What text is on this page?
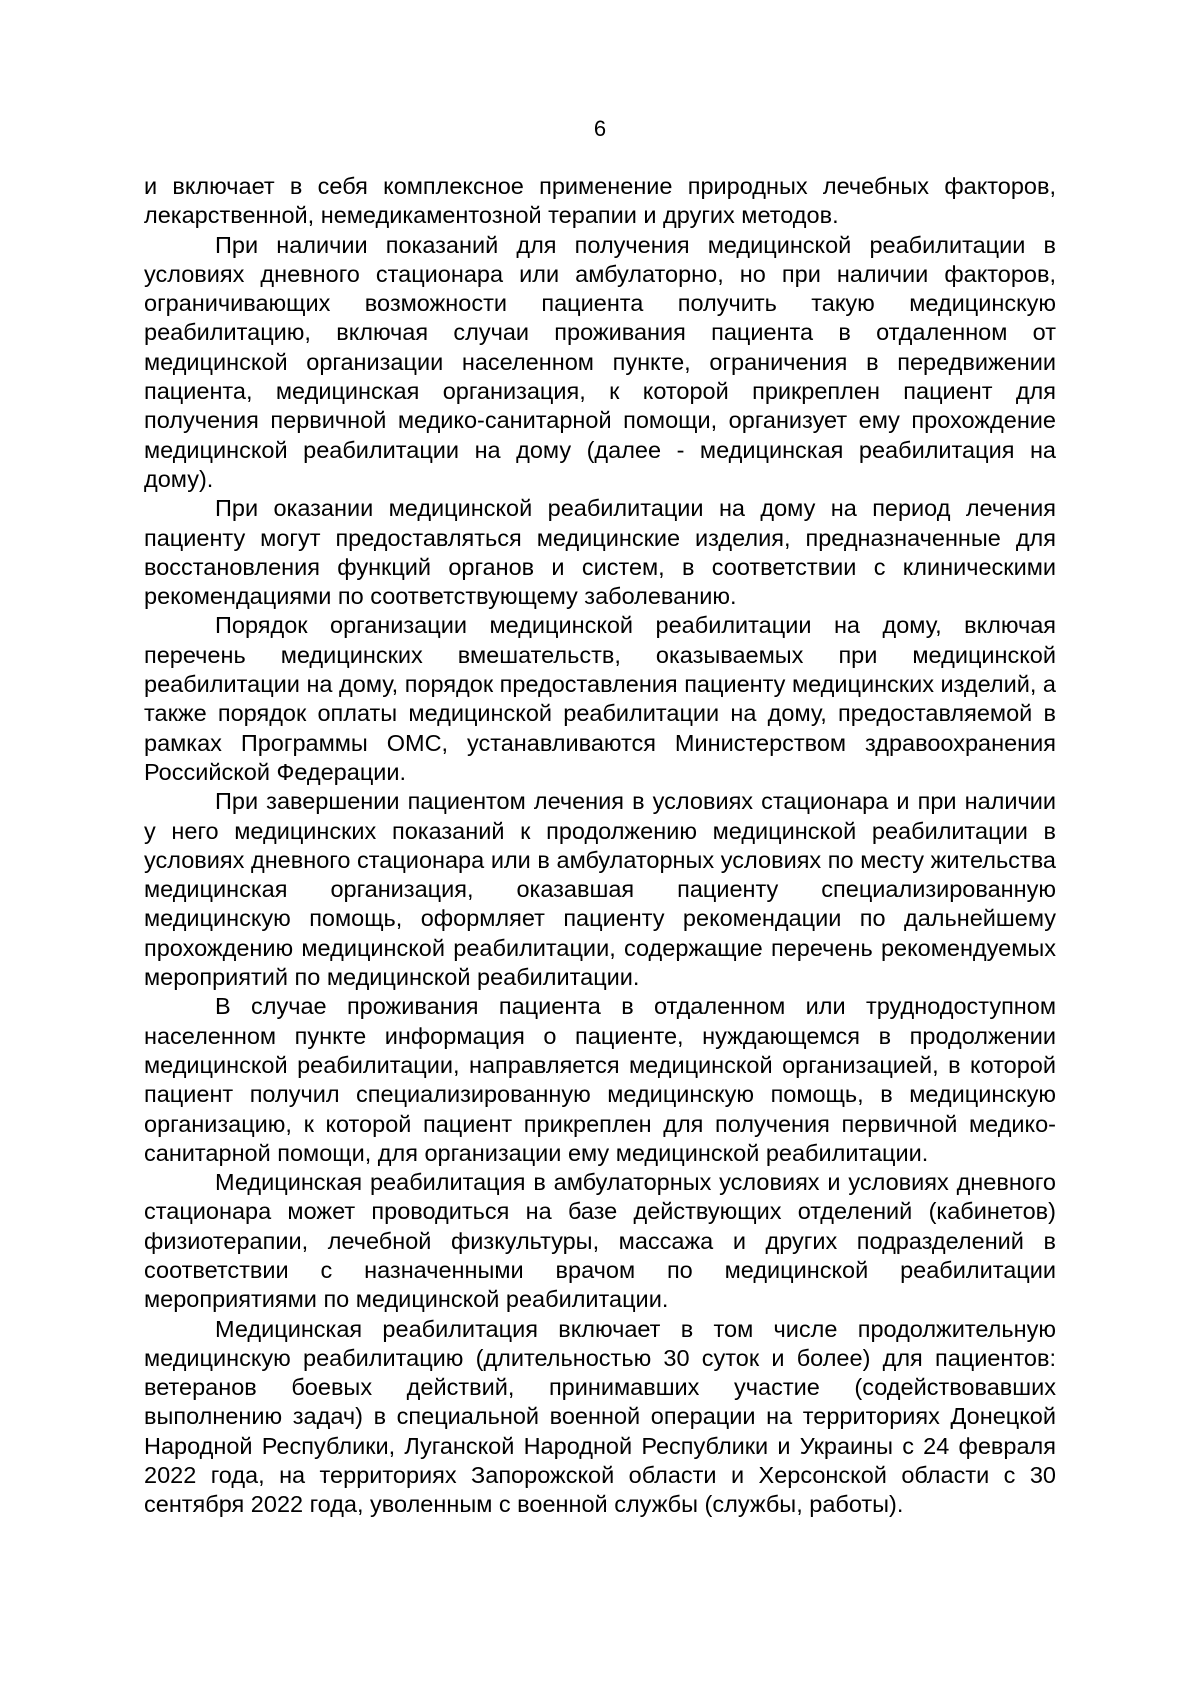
6

и включает в себя комплексное применение природных лечебных факторов, лекарственной, немедикаментозной терапии и других методов.

При наличии показаний для получения медицинской реабилитации в условиях дневного стационара или амбулаторно, но при наличии факторов, ограничивающих возможности пациента получить такую медицинскую реабилитацию, включая случаи проживания пациента в отдаленном от медицинской организации населенном пункте, ограничения в передвижении пациента, медицинская организация, к которой прикреплен пациент для получения первичной медико-санитарной помощи, организует ему прохождение медицинской реабилитации на дому (далее - медицинская реабилитация на дому).

При оказании медицинской реабилитации на дому на период лечения пациенту могут предоставляться медицинские изделия, предназначенные для восстановления функций органов и систем, в соответствии с клиническими рекомендациями по соответствующему заболеванию.

Порядок организации медицинской реабилитации на дому, включая перечень медицинских вмешательств, оказываемых при медицинской реабилитации на дому, порядок предоставления пациенту медицинских изделий, а также порядок оплаты медицинской реабилитации на дому, предоставляемой в рамках Программы ОМС, устанавливаются Министерством здравоохранения Российской Федерации.

При завершении пациентом лечения в условиях стационара и при наличии у него медицинских показаний к продолжению медицинской реабилитации в условиях дневного стационара или в амбулаторных условиях по месту жительства медицинская организация, оказавшая пациенту специализированную медицинскую помощь, оформляет пациенту рекомендации по дальнейшему прохождению медицинской реабилитации, содержащие перечень рекомендуемых мероприятий по медицинской реабилитации.

В случае проживания пациента в отдаленном или труднодоступном населенном пункте информация о пациенте, нуждающемся в продолжении медицинской реабилитации, направляется медицинской организацией, в которой пациент получил специализированную медицинскую помощь, в медицинскую организацию, к которой пациент прикреплен для получения первичной медико-санитарной помощи, для организации ему медицинской реабилитации.

Медицинская реабилитация в амбулаторных условиях и условиях дневного стационара может проводиться на базе действующих отделений (кабинетов) физиотерапии, лечебной физкультуры, массажа и других подразделений в соответствии с назначенными врачом по медицинской реабилитации мероприятиями по медицинской реабилитации.

Медицинская реабилитация включает в том числе продолжительную медицинскую реабилитацию (длительностью 30 суток и более) для пациентов: ветеранов боевых действий, принимавших участие (содействовавших выполнению задач) в специальной военной операции на территориях Донецкой Народной Республики, Луганской Народной Республики и Украины с 24 февраля 2022 года, на территориях Запорожской области и Херсонской области с 30 сентября 2022 года, уволенным с военной службы (службы, работы).
